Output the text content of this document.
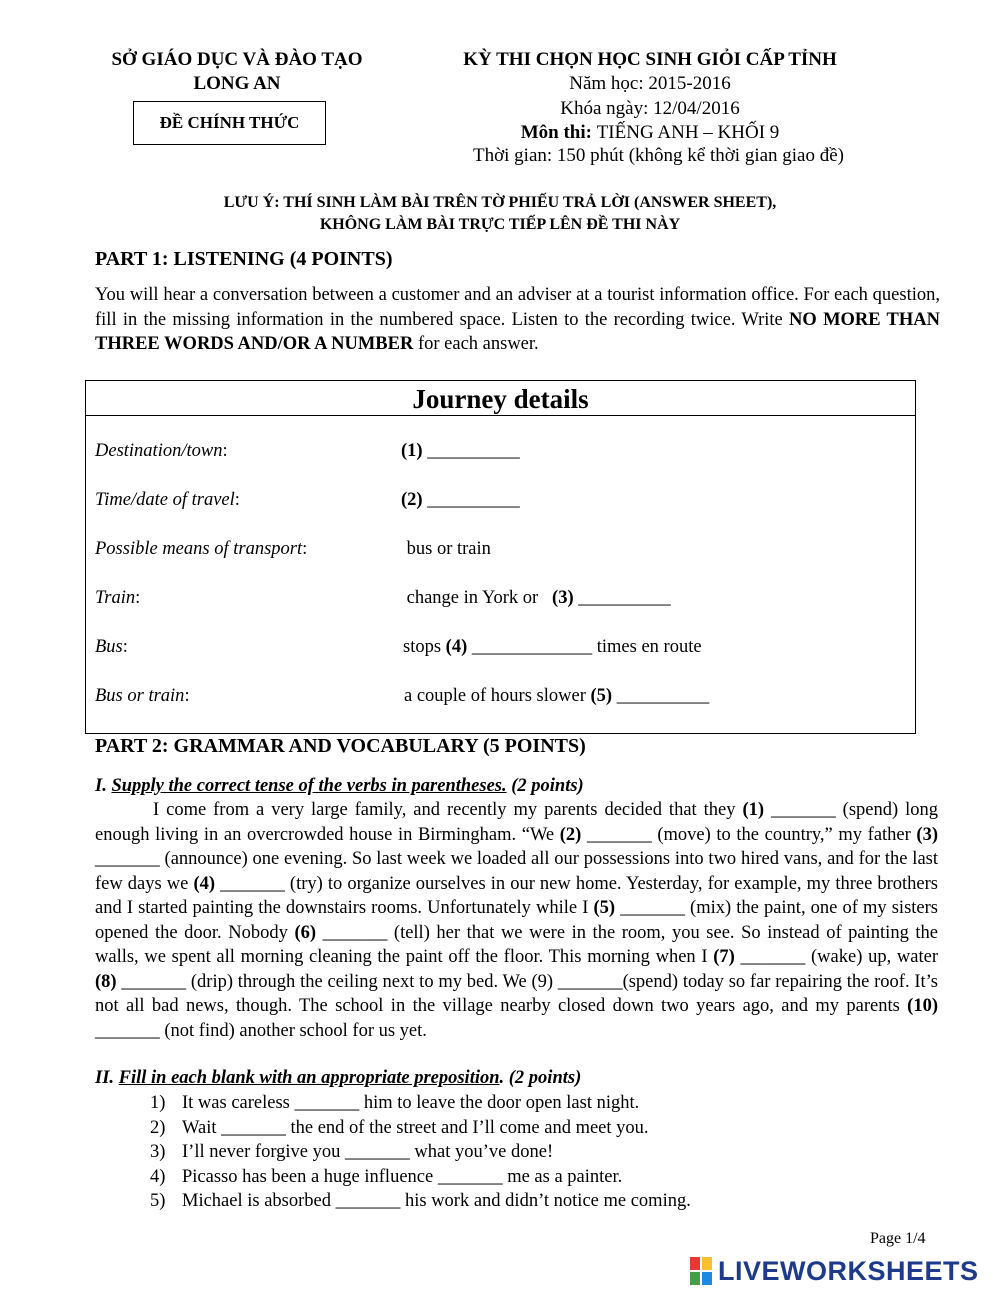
SỞ GIÁO DỤC VÀ ĐÀO TẠO
LONG AN
ĐỀ CHÍNH THỨC
KỲ THI CHỌN HỌC SINH GIỎI CẤP TỈNH
Năm học: 2015-2016
Khóa ngày: 12/04/2016
Môn thi: TIẾNG ANH – KHỐI 9
Thời gian: 150 phút (không kể thời gian giao đề)
LƯU Ý: THÍ SINH LÀM BÀI TRÊN TỜ PHIẾU TRẢ LỜI (ANSWER SHEET),
KHÔNG LÀM BÀI TRỰC TIẾP LÊN ĐỀ THI NÀY
PART 1: LISTENING (4 POINTS)
You will hear a conversation between a customer and an adviser at a tourist information office. For each question, fill in the missing information in the numbered space. Listen to the recording twice. Write NO MORE THAN THREE WORDS AND/OR A NUMBER for each answer.
Journey details
Destination/town:	(1) __________
Time/date of travel:	(2) __________
Possible means of transport:	bus or train
Train:	change in York or   (3) __________
Bus:	stops (4) _____________ times en route
Bus or train:	a couple of hours slower (5) __________
PART 2: GRAMMAR AND VOCABULARY (5 POINTS)
I. Supply the correct tense of the verbs in parentheses. (2 points)

I come from a very large family, and recently my parents decided that they (1) _______ (spend) long enough living in an overcrowded house in Birmingham. “We (2) _______ (move) to the country,” my father (3) _______ (announce) one evening. So last week we loaded all our possessions into two hired vans, and for the last few days we (4) _______ (try) to organize ourselves in our new home. Yesterday, for example, my three brothers and I started painting the downstairs rooms. Unfortunately while I (5) _______ (mix) the paint, one of my sisters opened the door. Nobody (6) _______ (tell) her that we were in the room, you see. So instead of painting the walls, we spent all morning cleaning the paint off the floor. This morning when I (7) _______ (wake) up, water (8) _______ (drip) through the ceiling next to my bed. We (9) _______(spend) today so far repairing the roof. It’s not all bad news, though. The school in the village nearby closed down two years ago, and my parents (10) _______ (not find) another school for us yet.

II. Fill in each blank with an appropriate preposition. (2 points)
1) It was careless _______ him to leave the door open last night.
2) Wait _______ the end of the street and I’ll come and meet you.
3) I’ll never forgive you _______ what you’ve done!
4) Picasso has been a huge influence _______ me as a painter.
5) Michael is absorbed _______ his work and didn’t notice me coming.
Page 1/4
LIVEWORKSHEETS
